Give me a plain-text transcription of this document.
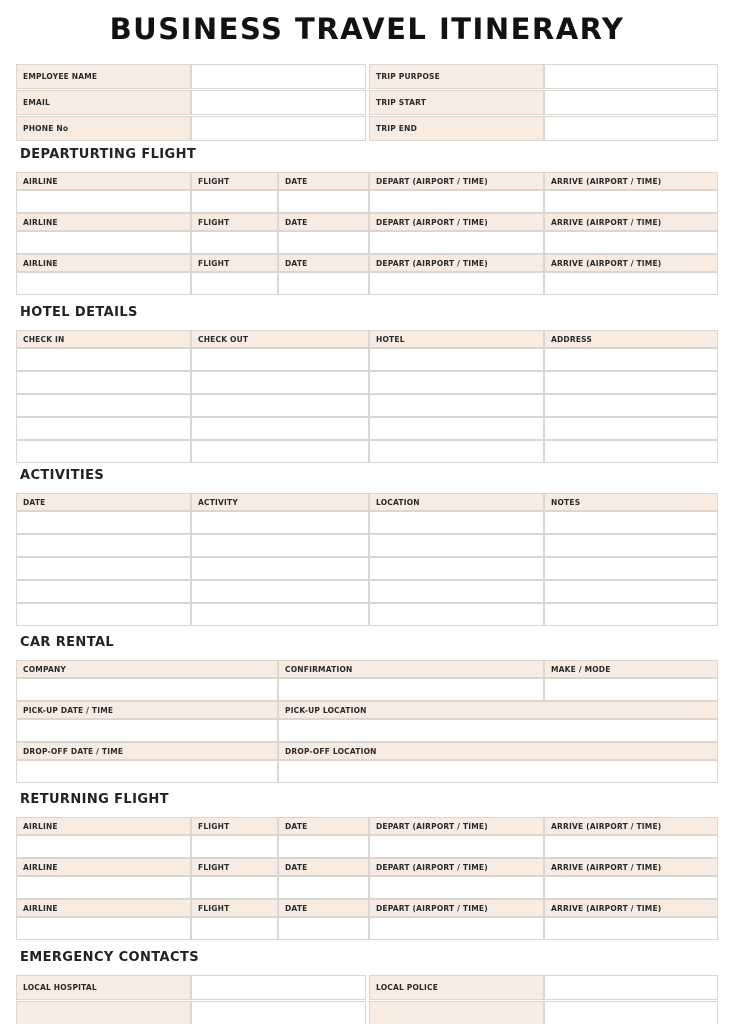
BUSINESS TRAVEL ITINERARY
EMPLOYEE NAME	TRIP PURPOSE
EMAIL	TRIP START
PHONE No	TRIP END
DEPARTURTING FLIGHT
AIRLINE	FLIGHT	DATE	DEPART (AIRPORT / TIME)	ARRIVE (AIRPORT / TIME)
AIRLINE	FLIGHT	DATE	DEPART (AIRPORT / TIME)	ARRIVE (AIRPORT / TIME)
AIRLINE	FLIGHT	DATE	DEPART (AIRPORT / TIME)	ARRIVE (AIRPORT / TIME)
HOTEL DETAILS
CHECK IN	CHECK OUT	HOTEL	ADDRESS
ACTIVITIES
DATE	ACTIVITY	LOCATION	NOTES
CAR RENTAL
COMPANY	CONFIRMATION	MAKE / MODE
PICK-UP DATE / TIME	PICK-UP LOCATION
DROP-OFF DATE / TIME	DROP-OFF LOCATION
RETURNING FLIGHT
AIRLINE	FLIGHT	DATE	DEPART (AIRPORT / TIME)	ARRIVE (AIRPORT / TIME)
AIRLINE	FLIGHT	DATE	DEPART (AIRPORT / TIME)	ARRIVE (AIRPORT / TIME)
AIRLINE	FLIGHT	DATE	DEPART (AIRPORT / TIME)	ARRIVE (AIRPORT / TIME)
EMERGENCY CONTACTS
LOCAL HOSPITAL	LOCAL POLICE
